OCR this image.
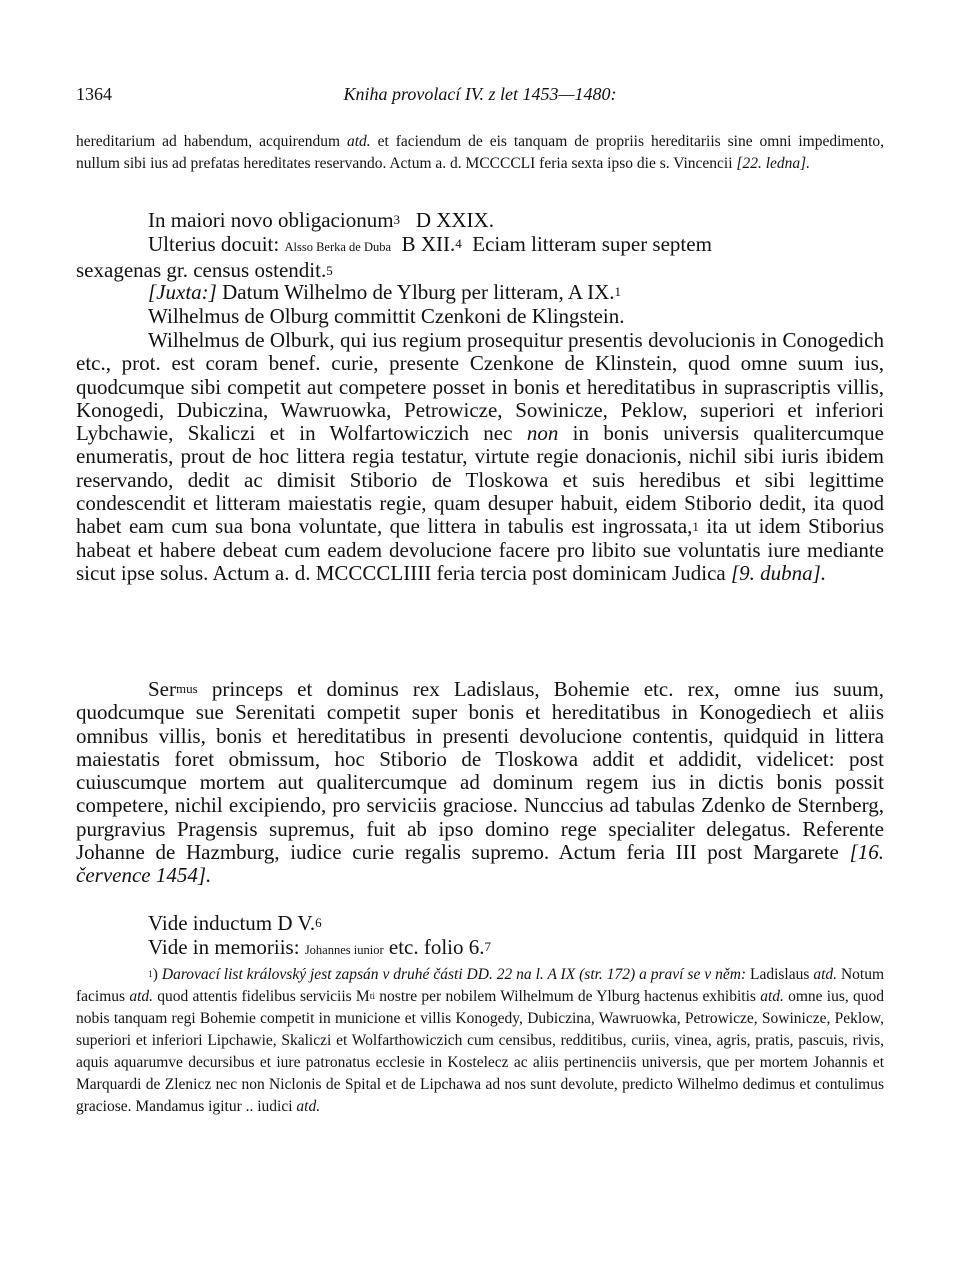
1364	Kniha provolací IV. z let 1453—1480:

hereditarium ad habendum, acquirendum atd. et faciendum de eis tanquam de propriis hereditariis sine omni impedimento, nullum sibi ius ad prefatas hereditates reservando. Actum a. d. MCCCCLI feria sexta ipso die s. Vincencii [22. ledna].

In maiori novo obligacionum$^3$ D XXIX.
Ulterius docuit: Alsso Berka de Duba B XII.$^4$ Eciam litteram super septem
sexagenas gr. census ostendit.$^5$
[Juxta:] Datum Wilhelmo de Ylburg per litteram, A IX.$^1$
Wilhelmus de Olburg committit Czenkoni de Klingstein.

Wilhelmus de Olburk, qui ius regium prosequitur presentis devolucionis in Conogedich etc., prot. est coram benef. curie, presente Czenkone de Klinstein, quod omne suum ius, quodcumque sibi competit aut competere posset in bonis et hereditatibus in suprascriptis villis, Konogedi, Dubiczina, Wawruowka, Petrowicze, Sowinicze, Peklow, superiori et inferiori Lybchawie, Skaliczi et in Wolfartowiczich nec non in bonis universis qualitercumque enumeratis, prout de hoc littera regia testatur, virtute regie donacionis, nichil sibi iuris ibidem reservando, dedit ac dimisit Stiborio de Tloskowa et suis heredibus et sibi legittime condescendit et litteram maiestatis regie, quam desuper habuit, eidem Stiborio dedit, ita quod habet eam cum sua bona voluntate, que littera in tabulis est ingrossata,$^1$ ita ut idem Stiborius habeat et habere debeat cum eadem devolucione facere pro libito sue voluntatis iure mediante sicut ipse solus. Actum a. d. MCCCCLIIII feria tercia post dominicam Judica [9. dubna].

Ser$^{mus}$ princeps et dominus rex Ladislaus, Bohemie etc. rex, omne ius suum, quodcumque sue Serenitati competit super bonis et hereditatibus in Konogediech et aliis omnibus villis, bonis et hereditatibus in presenti devolucione contentis, quidquid in littera maiestatis foret obmissum, hoc Stiborio de Tloskowa addit et addidit, videlicet: post cuiuscumque mortem aut qualitercumque ad dominum regem ius in dictis bonis possit competere, nichil excipiendo, pro serviciis graciose. Nunccius ad tabulas Zdenko de Sternberg, purgravius Pragensis supremus, fuit ab ipso domino rege specialiter delegatus. Referente Johanne de Hazmburg, iudice curie regalis supremo. Actum feria III post Margarete [16. července 1454].

Vide inductum D V.$^6$
Vide in memoriis: Johannes iunior etc. folio 6.$^7$

$^1$) Darovací list královský jest zapsán v druhé části DD. 22 na l. A IX (str. 172) a praví se v něm: Ladislaus atd. Notum facimus atd. quod attentis fidelibus serviciis $M^{ti}$ nostre per nobilem Wilhelmum de Ylburg hactenus exhibitis atd. omne ius, quod nobis tanquam regi Bohemie competit in municione et villis Konogedy, Dubiczina, Wawruowka, Petrowicze, Sowinicze, Peklow, superiori et inferiori Lipchawie, Skaliczi et Wolfarthowiczich cum censibus, redditibus, curiis, vinea, agris, pratis, pascuis, rivis, aquis aquarumve decursibus et iure patronatus ecclesie in Kostelecz ac aliis pertinenciis universis, que per mortem Johannis et Marquardi de Zlenicz nec non Niclonis de Spital et de Lipchawa ad nos sunt devolute, predicto Wilhelmo dedimus et contulimus graciose. Mandamus igitur .. iudici atd.
